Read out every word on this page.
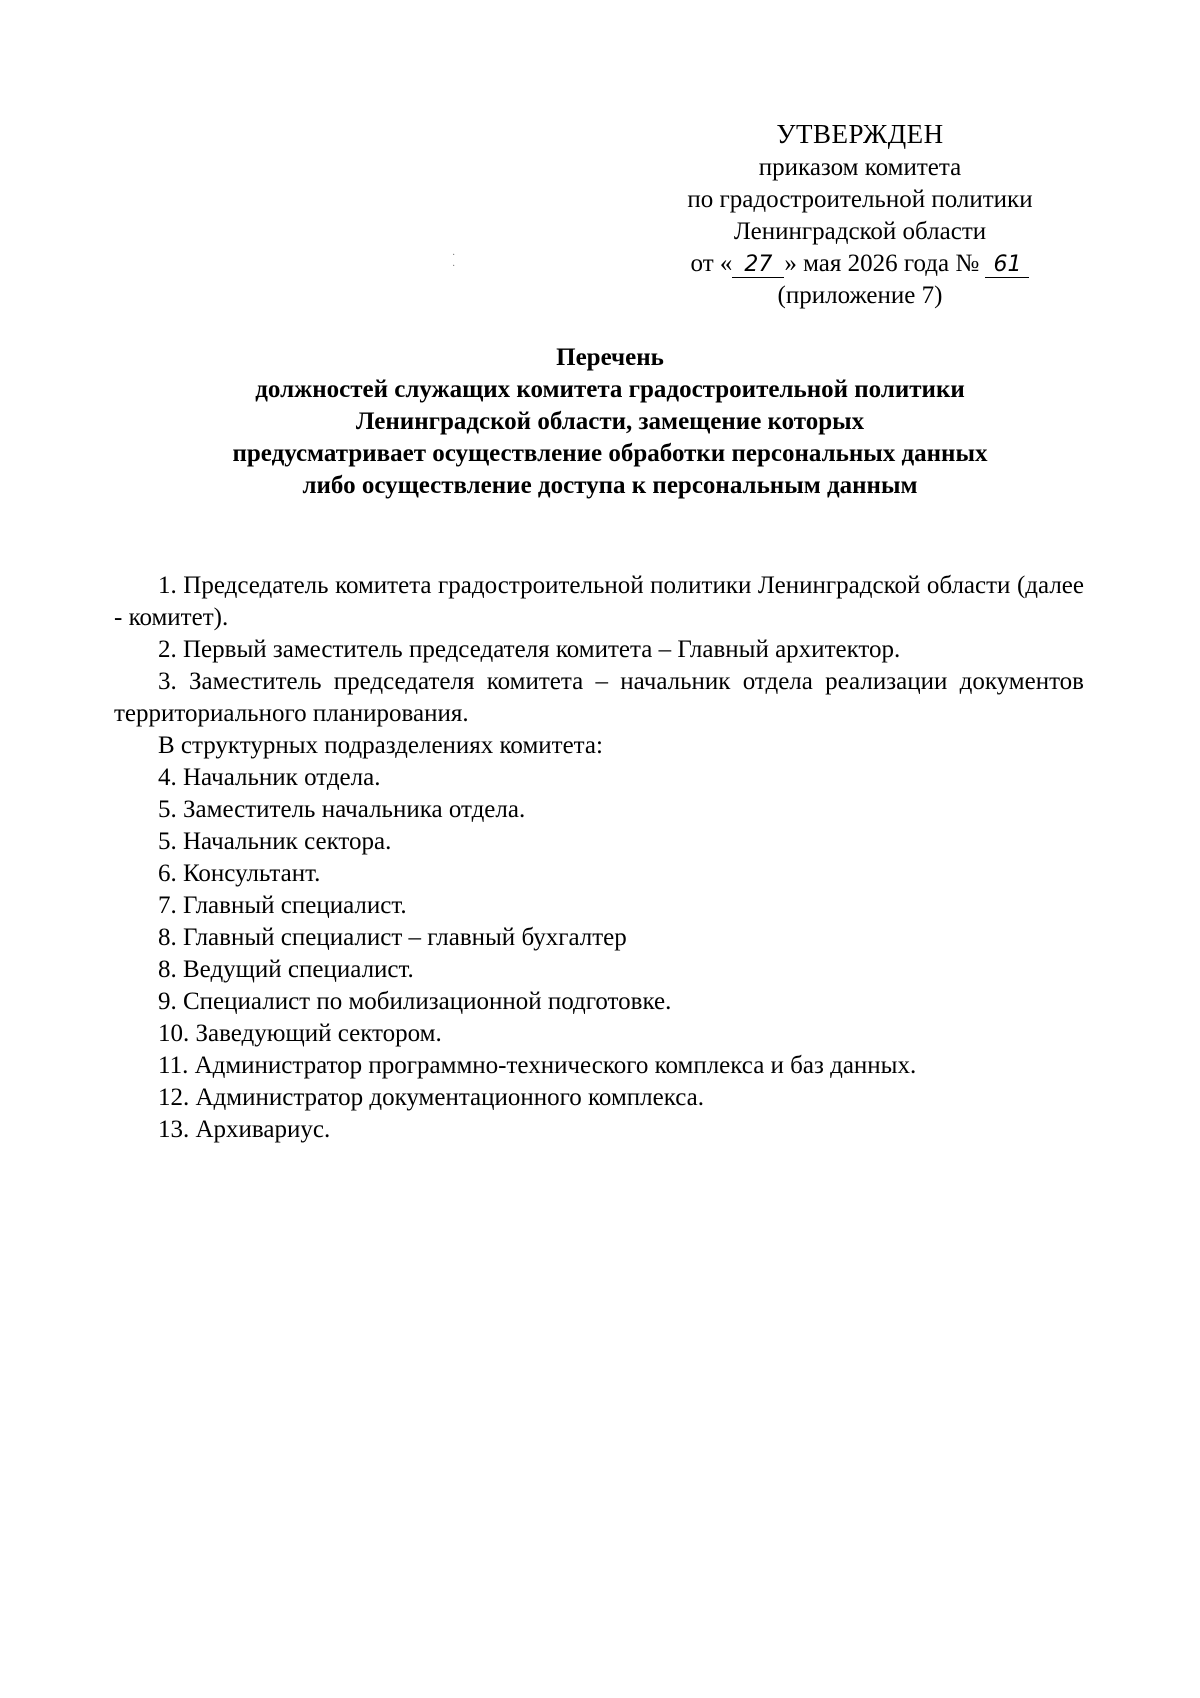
· ·
УТВЕРЖДЕН
приказом комитета
по градостроительной политики
Ленинградской области
от « 27 » мая 2026 года № 61
(приложение 7)
Перечень
должностей служащих комитета градостроительной политики
Ленинградской области, замещение которых
предусматривает осуществление обработки персональных данных
либо осуществление доступа к персональным данным
1. Председатель комитета градостроительной политики Ленинградской области (далее - комитет).
2. Первый заместитель председателя комитета – Главный архитектор.
3. Заместитель председателя комитета – начальник отдела реализации документов территориального планирования.
В структурных подразделениях комитета:
4. Начальник отдела.
5. Заместитель начальника отдела.
5. Начальник сектора.
6. Консультант.
7. Главный специалист.
8. Главный специалист – главный бухгалтер
8. Ведущий специалист.
9. Специалист по мобилизационной подготовке.
10. Заведующий сектором.
11. Администратор программно-технического комплекса и баз данных.
12. Администратор документационного комплекса.
13. Архивариус.
